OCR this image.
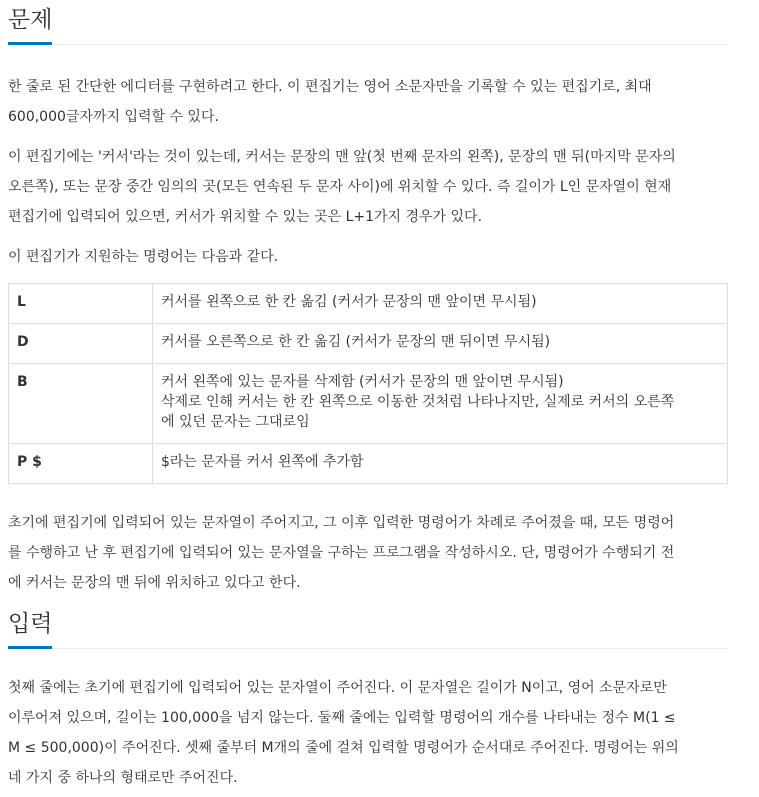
문제

한 줄로 된 간단한 에디터를 구현하려고 한다. 이 편집기는 영어 소문자만을 기록할 수 있는 편집기로, 최대
600,000글자까지 입력할 수 있다.

이 편집기에는 '커서'라는 것이 있는데, 커서는 문장의 맨 앞(첫 번째 문자의 왼쪽), 문장의 맨 뒤(마지막 문자의
오른쪽), 또는 문장 중간 임의의 곳(모든 연속된 두 문자 사이)에 위치할 수 있다. 즉 길이가 L인 문자열이 현재
편집기에 입력되어 있으면, 커서가 위치할 수 있는 곳은 L+1가지 경우가 있다.

이 편집기가 지원하는 명령어는 다음과 같다.

L	커서를 왼쪽으로 한 칸 옮김 (커서가 문장의 맨 앞이면 무시됨)

D	커서를 오른쪽으로 한 칸 옮김 (커서가 문장의 맨 뒤이면 무시됨)

B	커서 왼쪽에 있는 문자를 삭제함 (커서가 문장의 맨 앞이면 무시됨)
삭제로 인해 커서는 한 칸 왼쪽으로 이동한 것처럼 나타나지만, 실제로 커서의 오른쪽
에 있던 문자는 그대로임

P $	$라는 문자를 커서 왼쪽에 추가함

초기에 편집기에 입력되어 있는 문자열이 주어지고, 그 이후 입력한 명령어가 차례로 주어졌을 때, 모든 명령어
를 수행하고 난 후 편집기에 입력되어 있는 문자열을 구하는 프로그램을 작성하시오. 단, 명령어가 수행되기 전
에 커서는 문장의 맨 뒤에 위치하고 있다고 한다.

입력

첫째 줄에는 초기에 편집기에 입력되어 있는 문자열이 주어진다. 이 문자열은 길이가 N이고, 영어 소문자로만
이루어져 있으며, 길이는 100,000을 넘지 않는다. 둘째 줄에는 입력할 명령어의 개수를 나타내는 정수 M(1 ≤
M ≤ 500,000)이 주어진다. 셋째 줄부터 M개의 줄에 걸쳐 입력할 명령어가 순서대로 주어진다. 명령어는 위의
네 가지 중 하나의 형태로만 주어진다.
